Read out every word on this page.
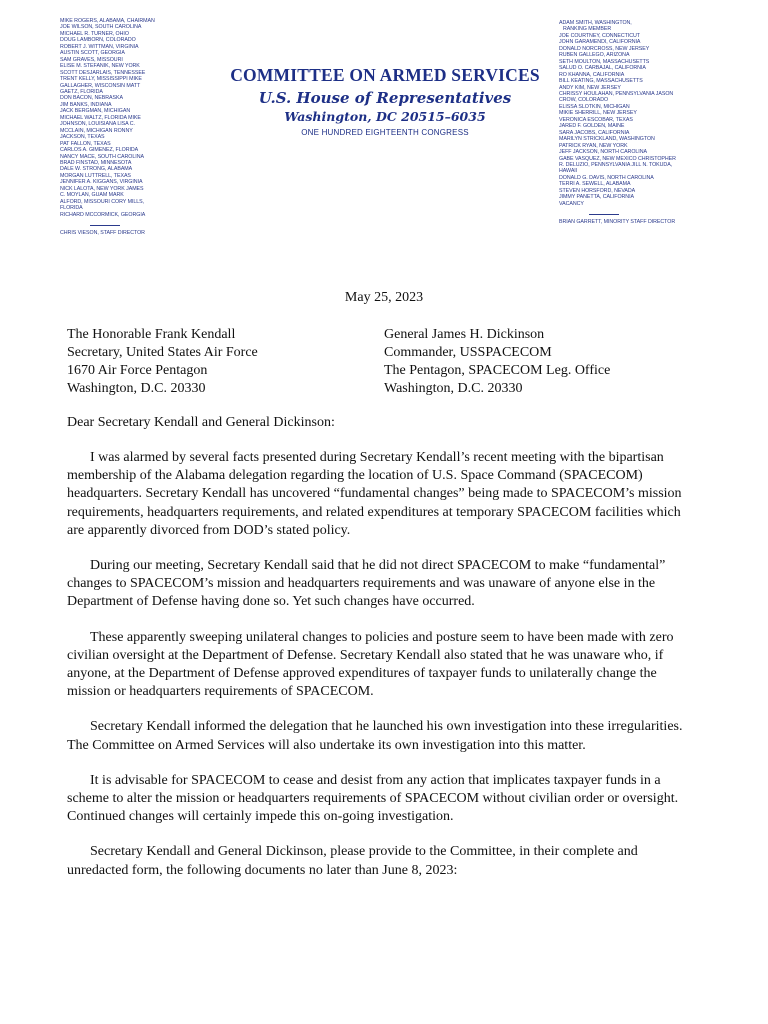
MIKE ROGERS, ALABAMA, CHAIRMAN
JOE WILSON, SOUTH CAROLINA
MICHAEL R. TURNER, OHIO
DOUG LAMBORN, COLORADO
ROBERT J. WITTMAN, VIRGINIA
AUSTIN SCOTT, GEORGIA
SAM GRAVES, MISSOURI
ELISE M. STEFANIK, NEW YORK
SCOTT DESJARLAIS, TENNESSEE
TRENT KELLY, MISSISSIPPI MIKE
GALLAGHER, WISCONSIN MATT
GAETZ, FLORIDA
DON BACON, NEBRASKA
JIM BANKS, INDIANA
JACK BERGMAN, MICHIGAN
MICHAEL WALTZ, FLORIDA MIKE
JOHNSON, LOUISIANA LISA C.
MCCLAIN, MICHIGAN RONNY
JACKSON, TEXAS
PAT FALLON, TEXAS
CARLOS A. GIMENEZ, FLORIDA
NANCY MACE, SOUTH CAROLINA
BRAD FINSTAD, MINNESOTA
DALE W. STRONG, ALABAMA
MORGAN LUTTRELL, TEXAS
JENNIFER A. KIGGANS, VIRGINIA
NICK LALOTA, NEW YORK JAMES
C. MOYLAN, GUAM MARK
ALFORD, MISSOURI CORY MILLS,
FLORIDA
RICHARD MCCORMICK, GEORGIA
CHRIS VIESON, STAFF DIRECTOR
ADAM SMITH, WASHINGTON,
RANKING MEMBER
JOE COURTNEY, CONNECTICUT
JOHN GARAMENDI, CALIFORNIA
DONALD NORCROSS, NEW JERSEY
RUBEN GALLEGO, ARIZONA
SETH MOULTON, MASSACHUSETTS
SALUD O. CARBAJAL, CALIFORNIA
RO KHANNA, CALIFORNIA
BILL KEATING, MASSACHUSETTS
ANDY KIM, NEW JERSEY
CHRISSY HOULAHAN, PENNSYLVANIA JASON
CROW, COLORADO
ELISSA SLOTKIN, MICHIGAN
MIKIE SHERRILL, NEW JERSEY
VERONICA ESCOBAR, TEXAS
JARED F. GOLDEN, MAINE
SARA JACOBS, CALIFORNIA
MARILYN STRICKLAND, WASHINGTON
PATRICK RYAN, NEW YORK
JEFF JACKSON, NORTH CAROLINA
GABE VASQUEZ, NEW MEXICO CHRISTOPHER
R. DELUZIO, PENNSYLVANIA JILL N. TOKUDA,
HAWAII
DONALD G. DAVIS, NORTH CAROLINA
TERRI A. SEWELL, ALABAMA
STEVEN HORSFORD, NEVADA
JIMMY PANETTA, CALIFORNIA
VACANCY
BRIAN GARRETT, MINORITY STAFF DIRECTOR
COMMITTEE ON ARMED SERVICES
U.S. House of Representatives
Washington, DC 20515–6035
ONE HUNDRED EIGHTEENTH CONGRESS
May 25, 2023
The Honorable Frank Kendall
Secretary, United States Air Force
1670 Air Force Pentagon
Washington, D.C. 20330
General James H. Dickinson
Commander, USSPACECOM
The Pentagon, SPACECOM Leg. Office
Washington, D.C. 20330
Dear Secretary Kendall and General Dickinson:

I was alarmed by several facts presented during Secretary Kendall’s recent meeting with the bipartisan membership of the Alabama delegation regarding the location of U.S. Space Command (SPACECOM) headquarters. Secretary Kendall has uncovered “fundamental changes” being made to SPACECOM’s mission requirements, headquarters requirements, and related expenditures at temporary SPACECOM facilities which are apparently divorced from DOD’s stated policy.

During our meeting, Secretary Kendall said that he did not direct SPACECOM to make “fundamental” changes to SPACECOM’s mission and headquarters requirements and was unaware of anyone else in the Department of Defense having done so. Yet such changes have occurred.

These apparently sweeping unilateral changes to policies and posture seem to have been made with zero civilian oversight at the Department of Defense. Secretary Kendall also stated that he was unaware who, if anyone, at the Department of Defense approved expenditures of taxpayer funds to unilaterally change the mission or headquarters requirements of SPACECOM.

Secretary Kendall informed the delegation that he launched his own investigation into these irregularities. The Committee on Armed Services will also undertake its own investigation into this matter.

It is advisable for SPACECOM to cease and desist from any action that implicates taxpayer funds in a scheme to alter the mission or headquarters requirements of SPACECOM without civilian order or oversight. Continued changes will certainly impede this on-going investigation.

Secretary Kendall and General Dickinson, please provide to the Committee, in their complete and unredacted form, the following documents no later than June 8, 2023:
